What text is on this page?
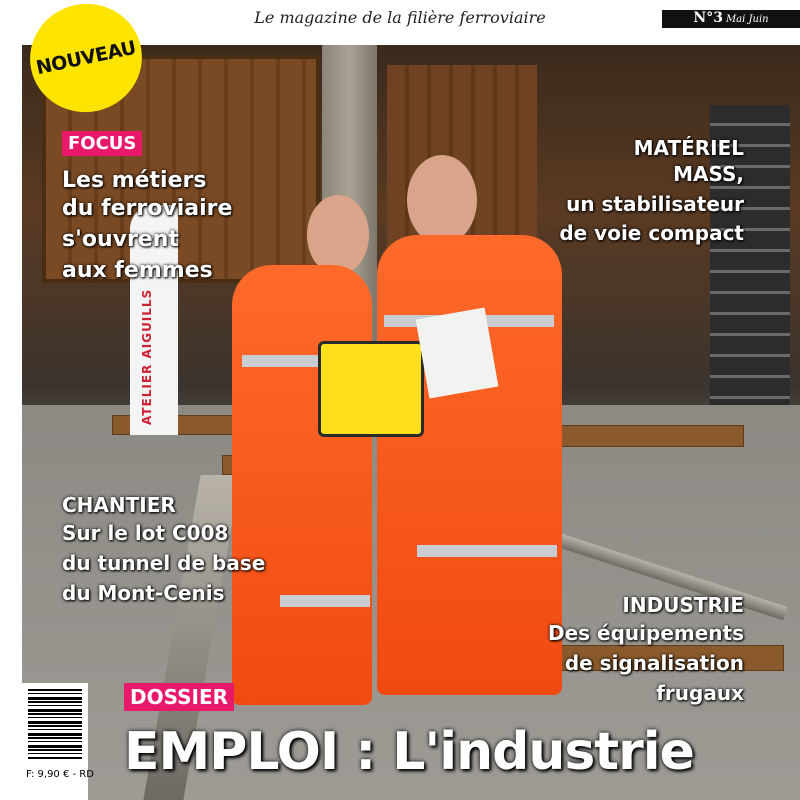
Le magazine de la filière ferroviaire	N°3 Mai Juin
ATELIER AIGUILLS
NOUVEAU
FOCUS
Les métiers
du ferroviaire
s'ouvrent
aux femmes
MATÉRIEL
MASS,
un stabilisateur
de voie compact
CHANTIER
Sur le lot C008
du tunnel de base
du Mont-Cenis	INDUSTRIE
Des équipements
de signalisation
frugaux
DOSSIER
EMPLOI : L'industrie
F: 9,90 € - RD
